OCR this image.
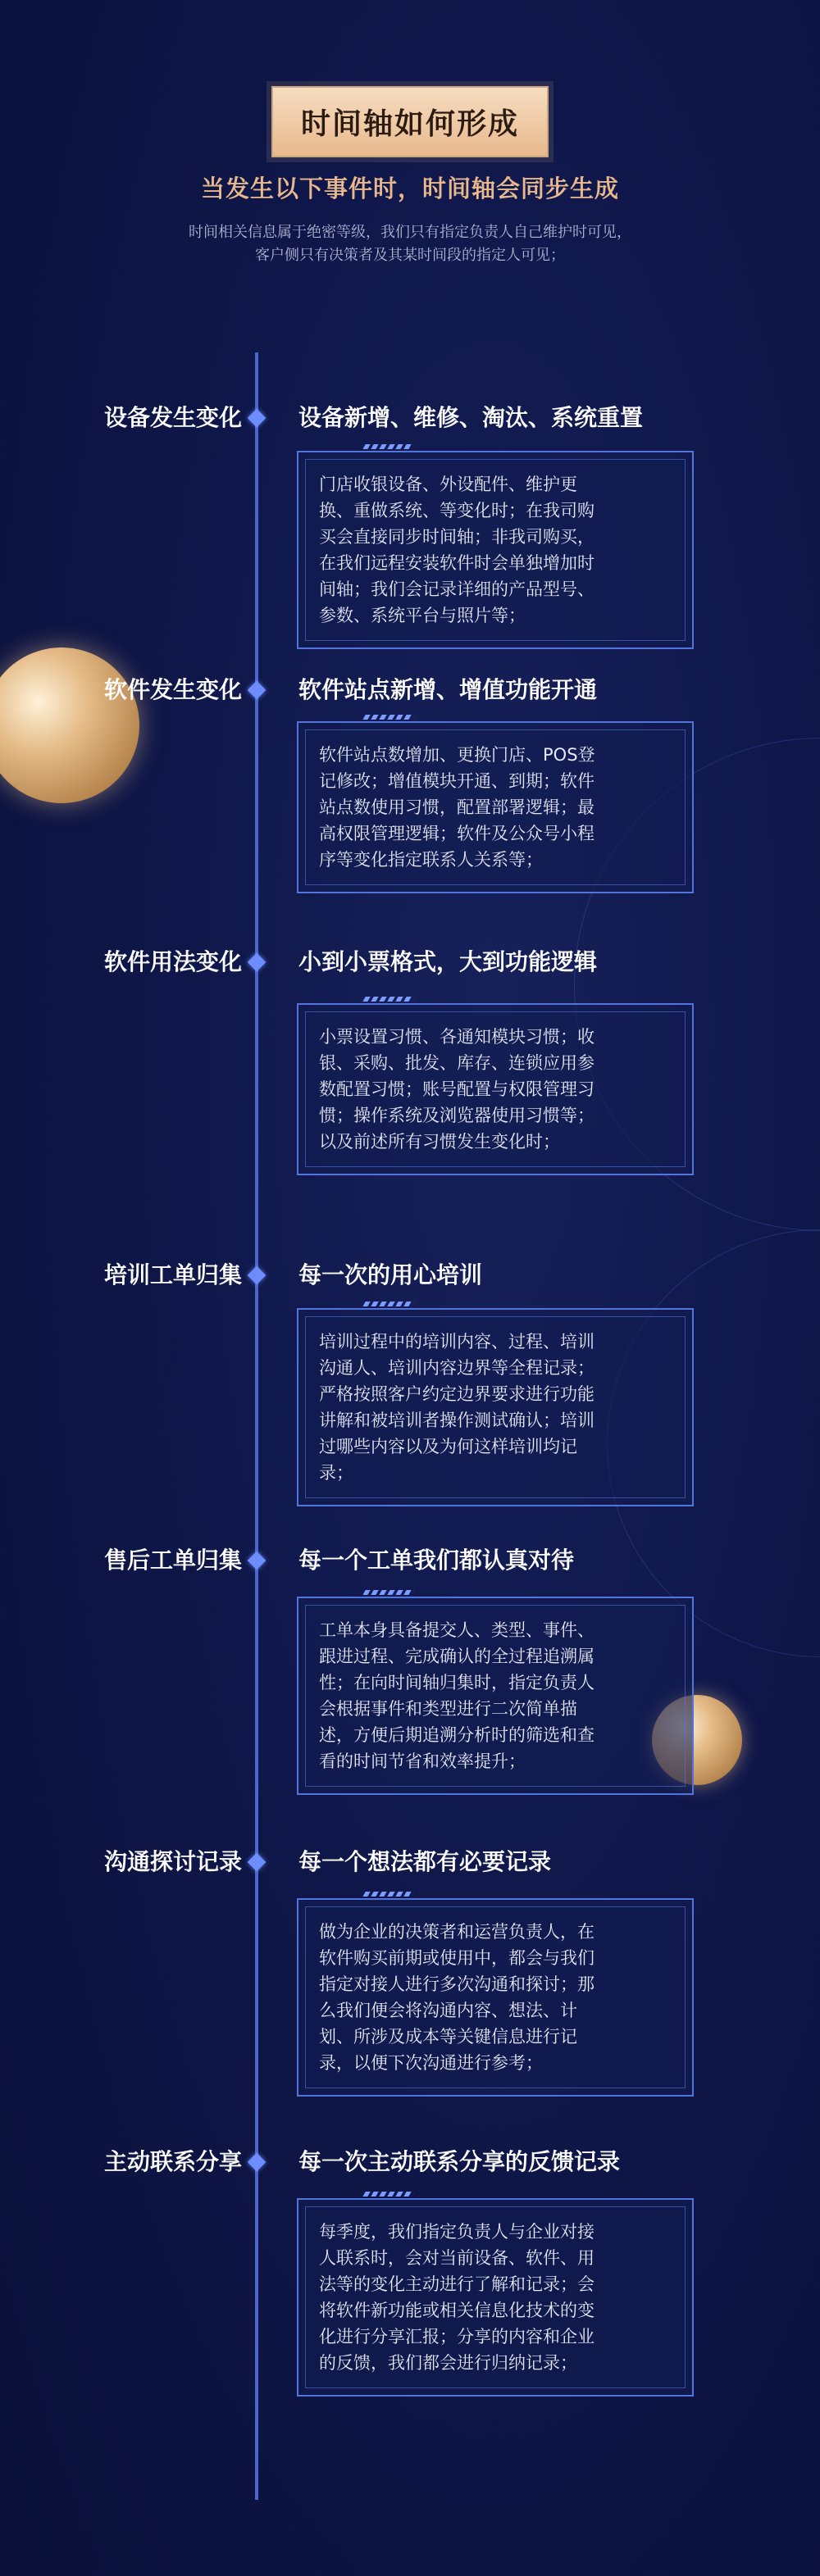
时间轴如何形成
当发生以下事件时，时间轴会同步生成
时间相关信息属于绝密等级，我们只有指定负责人自己维护时可见，
客户侧只有决策者及其某时间段的指定人可见；
设备发生变化 设备新增、维修、淘汰、系统重置
门店收银设备、外设配件、维护更
换、重做系统、等变化时；在我司购
买会直接同步时间轴；非我司购买，
在我们远程安装软件时会单独增加时
间轴；我们会记录详细的产品型号、
参数、系统平台与照片等；
软件发生变化 软件站点新增、增值功能开通
软件站点数增加、更换门店、POS登
记修改；增值模块开通、到期；软件
站点数使用习惯，配置部署逻辑；最
高权限管理逻辑；软件及公众号小程
序等变化指定联系人关系等；
软件用法变化 小到小票格式，大到功能逻辑
小票设置习惯、各通知模块习惯；收
银、采购、批发、库存、连锁应用参
数配置习惯；账号配置与权限管理习
惯；操作系统及浏览器使用习惯等；
以及前述所有习惯发生变化时；
培训工单归集 每一次的用心培训
培训过程中的培训内容、过程、培训
沟通人、培训内容边界等全程记录；
严格按照客户约定边界要求进行功能
讲解和被培训者操作测试确认；培训
过哪些内容以及为何这样培训均记
录；
售后工单归集 每一个工单我们都认真对待
工单本身具备提交人、类型、事件、
跟进过程、完成确认的全过程追溯属
性；在向时间轴归集时，指定负责人
会根据事件和类型进行二次简单描
述，方便后期追溯分析时的筛选和查
看的时间节省和效率提升；
沟通探讨记录 每一个想法都有必要记录
做为企业的决策者和运营负责人，在
软件购买前期或使用中，都会与我们
指定对接人进行多次沟通和探讨；那
么我们便会将沟通内容、想法、计
划、所涉及成本等关键信息进行记
录，以便下次沟通进行参考；
主动联系分享 每一次主动联系分享的反馈记录
每季度，我们指定负责人与企业对接
人联系时，会对当前设备、软件、用
法等的变化主动进行了解和记录；会
将软件新功能或相关信息化技术的变
化进行分享汇报；分享的内容和企业
的反馈，我们都会进行归纳记录；
